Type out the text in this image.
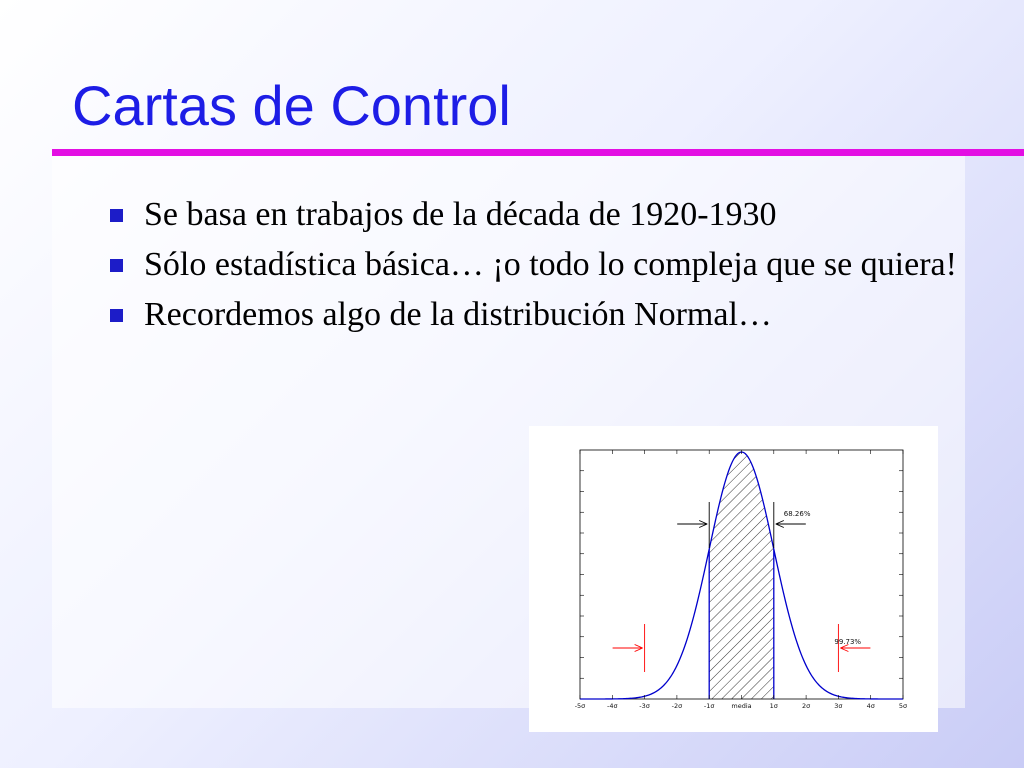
Cartas de Control
Se basa en trabajos de la década de 1920-1930
Sólo estadística básica… ¡o todo lo compleja que se quiera!
Recordemos algo de la distribución Normal…
-5σ	-4σ	-3σ	-2σ	-1σ	media	1σ	2σ	3σ	4σ	5σ
68.26%
99.73%
